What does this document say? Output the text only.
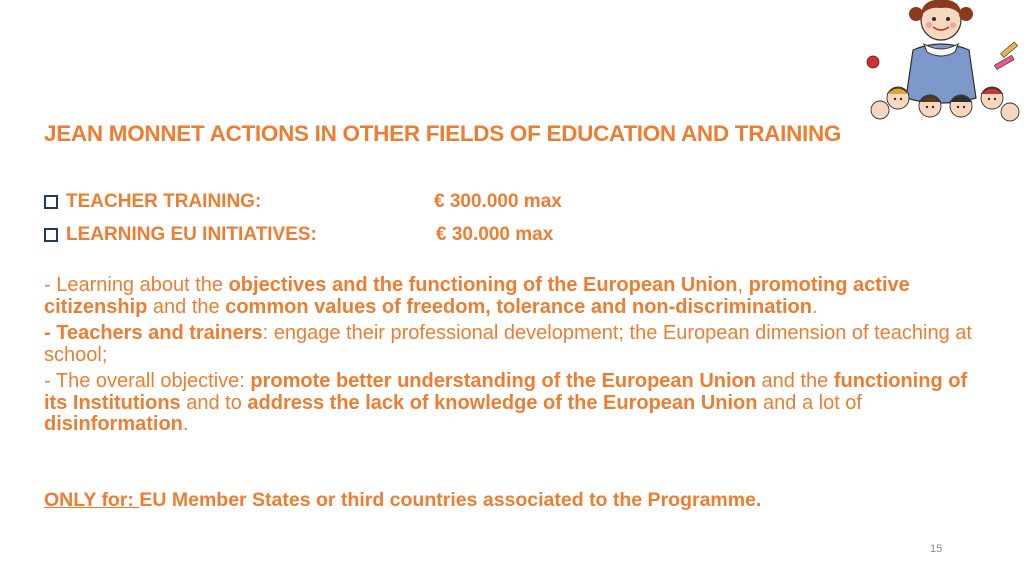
JEAN MONNET ACTIONS IN OTHER FIELDS OF EDUCATION AND TRAINING
TEACHER TRAINING:	€ 300.000 max
LEARNING EU INITIATIVES:	€ 30.000 max

- Learning about the objectives and the functioning of the European Union, promoting active citizenship and the common values of freedom, tolerance and non-discrimination.

- Teachers and trainers: engage their professional development; the European dimension of teaching at school;

- The overall objective: promote better understanding of the European Union and the functioning of its Institutions and to address the lack of knowledge of the European Union and a lot of disinformation.

ONLY for: EU Member States or third countries associated to the Programme.
15
